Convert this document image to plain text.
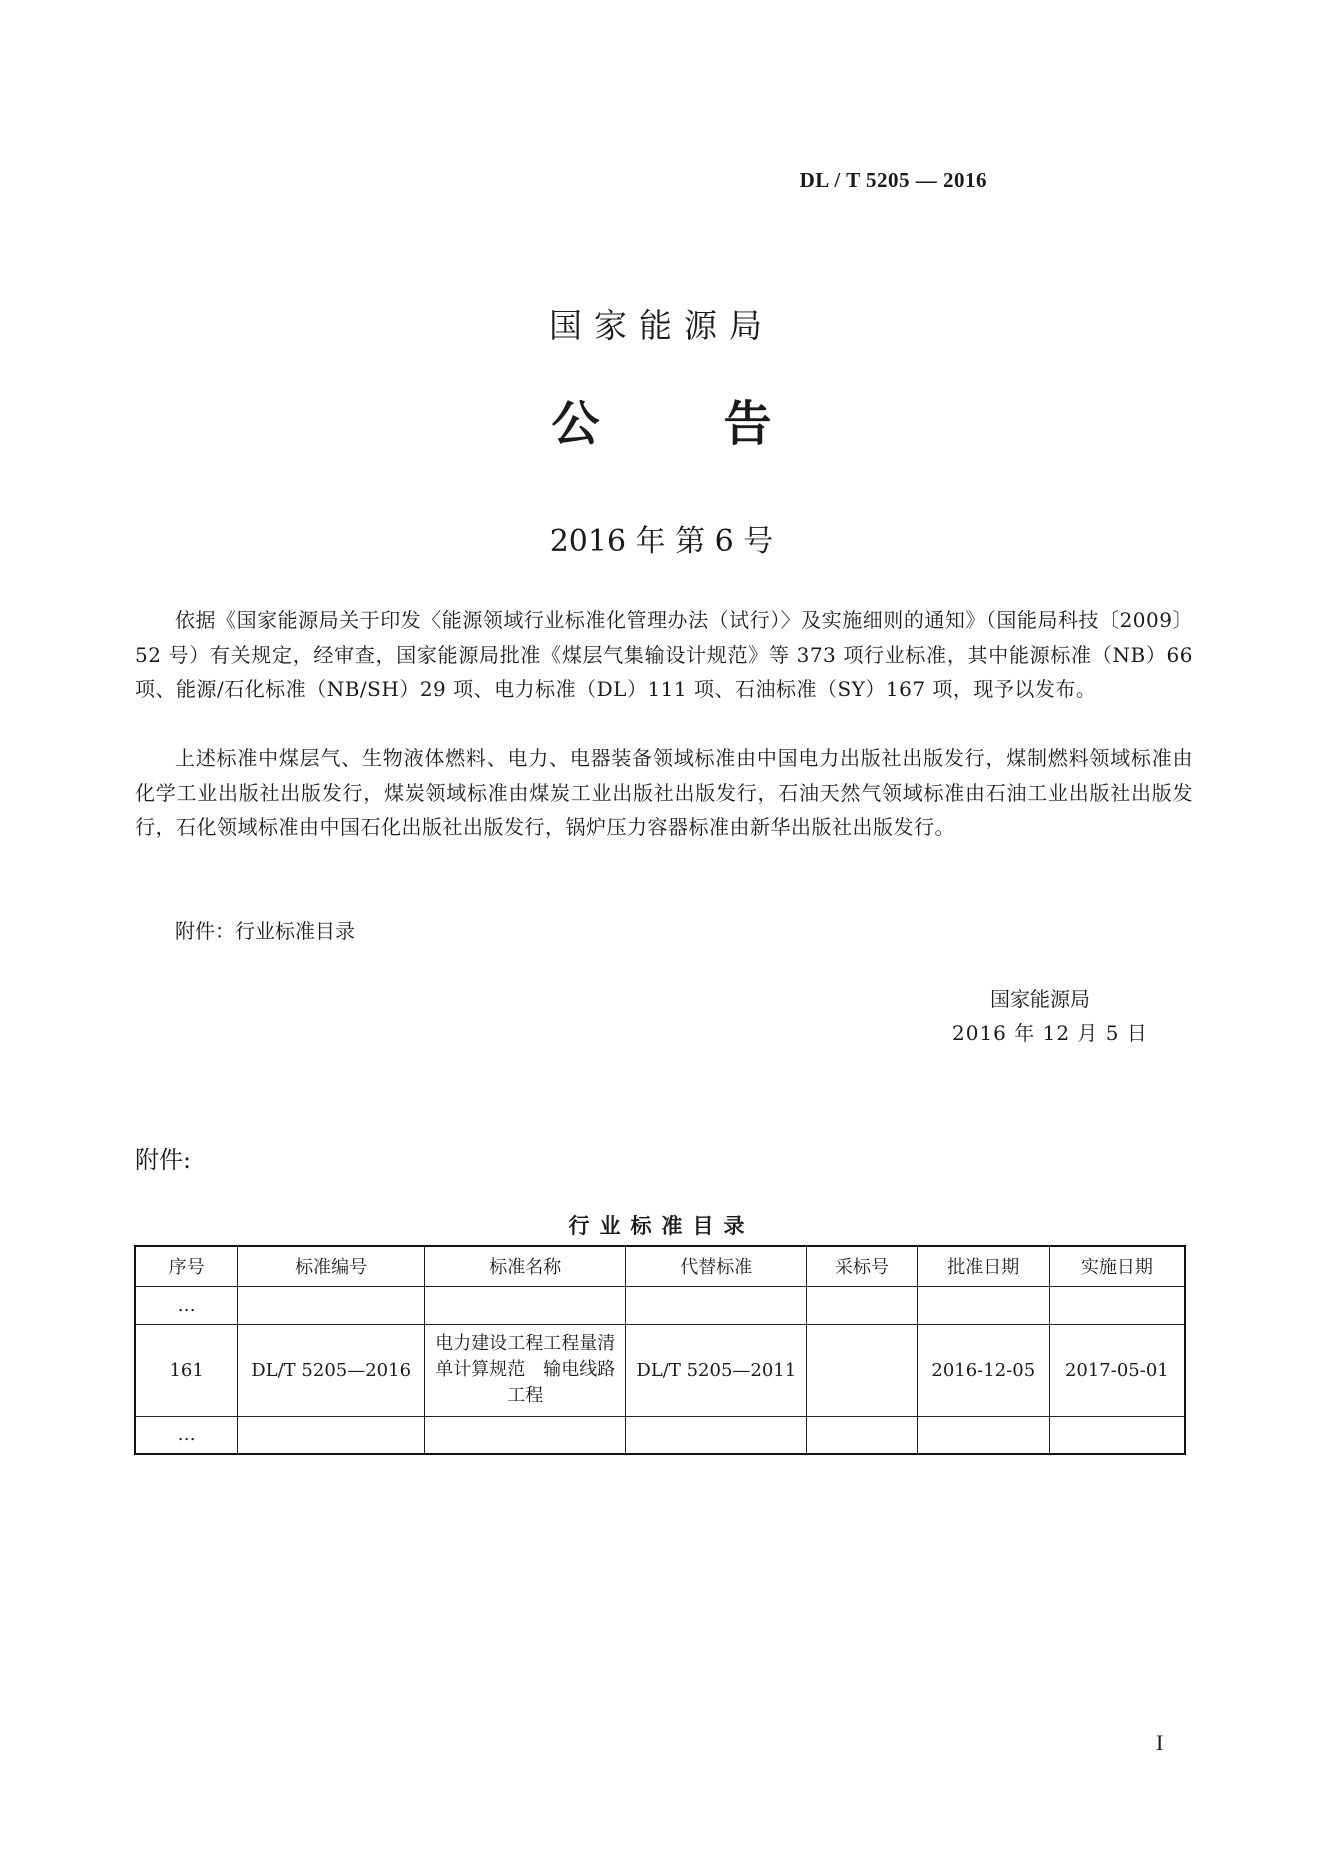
DL / T 5205 — 2016
国家能源局
公	告
2016 年 第 6 号
依据《国家能源局关于印发〈能源领域行业标准化管理办法（试行）〉及实施细则的通知》（国能局科技〔2009〕52 号）有关规定，经审查，国家能源局批准《煤层气集输设计规范》等 373 项行业标准，其中能源标准（NB）66 项、能源/石化标准（NB/SH）29 项、电力标准（DL）111 项、石油标准（SY）167 项，现予以发布。
上述标准中煤层气、生物液体燃料、电力、电器装备领域标准由中国电力出版社出版发行，煤制燃料领域标准由化学工业出版社出版发行，煤炭领域标准由煤炭工业出版社出版发行，石油天然气领域标准由石油工业出版社出版发行，石化领域标准由中国石化出版社出版发行，锅炉压力容器标准由新华出版社出版发行。
附件：行业标准目录
国家能源局
2016 年 12 月 5 日
附件:
行业标准目录
序号	标准编号	标准名称	代替标准	采标号	批准日期	实施日期
…						
161	DL/T 5205—2016	电力建设工程工程量清单计算规范　输电线路工程	DL/T 5205—2011		2016-12-05	2017-05-01
…						
I
